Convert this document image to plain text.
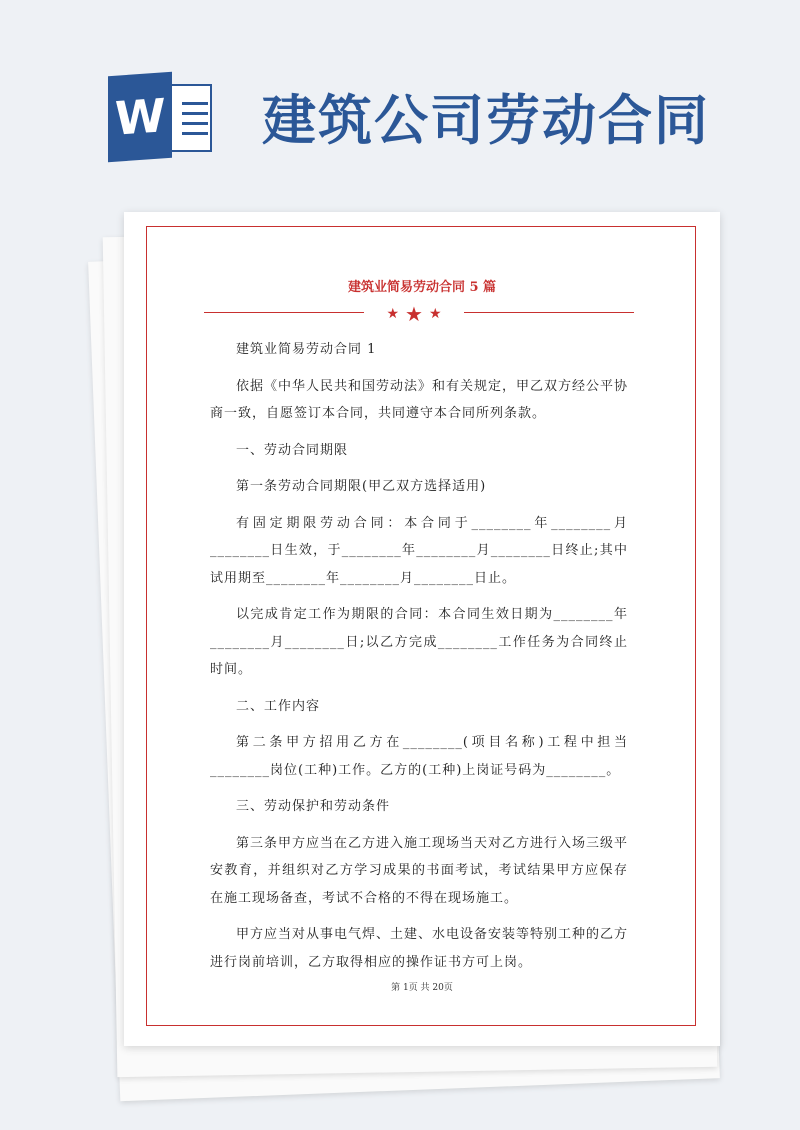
W 建筑公司劳动合同
建筑业简易劳动合同 5 篇
★ ★ ★

建筑业简易劳动合同 1

依据《中华人民共和国劳动法》和有关规定，甲乙双方经公平协商一致，自愿签订本合同，共同遵守本合同所列条款。

一、劳动合同期限

第一条劳动合同期限(甲乙双方选择适用)

有固定期限劳动合同：本合同于________年________月________日生效，于________年________月________日终止;其中试用期至________年________月________日止。

以完成肯定工作为期限的合同：本合同生效日期为________年________月________日;以乙方完成________工作任务为合同终止时间。

二、工作内容

第二条甲方招用乙方在________(项目名称)工程中担当________岗位(工种)工作。乙方的(工种)上岗证号码为________。

三、劳动保护和劳动条件

第三条甲方应当在乙方进入施工现场当天对乙方进行入场三级平安教育，并组织对乙方学习成果的书面考试，考试结果甲方应保存在施工现场备查，考试不合格的不得在现场施工。

甲方应当对从事电气焊、土建、水电设备安装等特别工种的乙方进行岗前培训，乙方取得相应的操作证书方可上岗。

第 1页 共 20页
